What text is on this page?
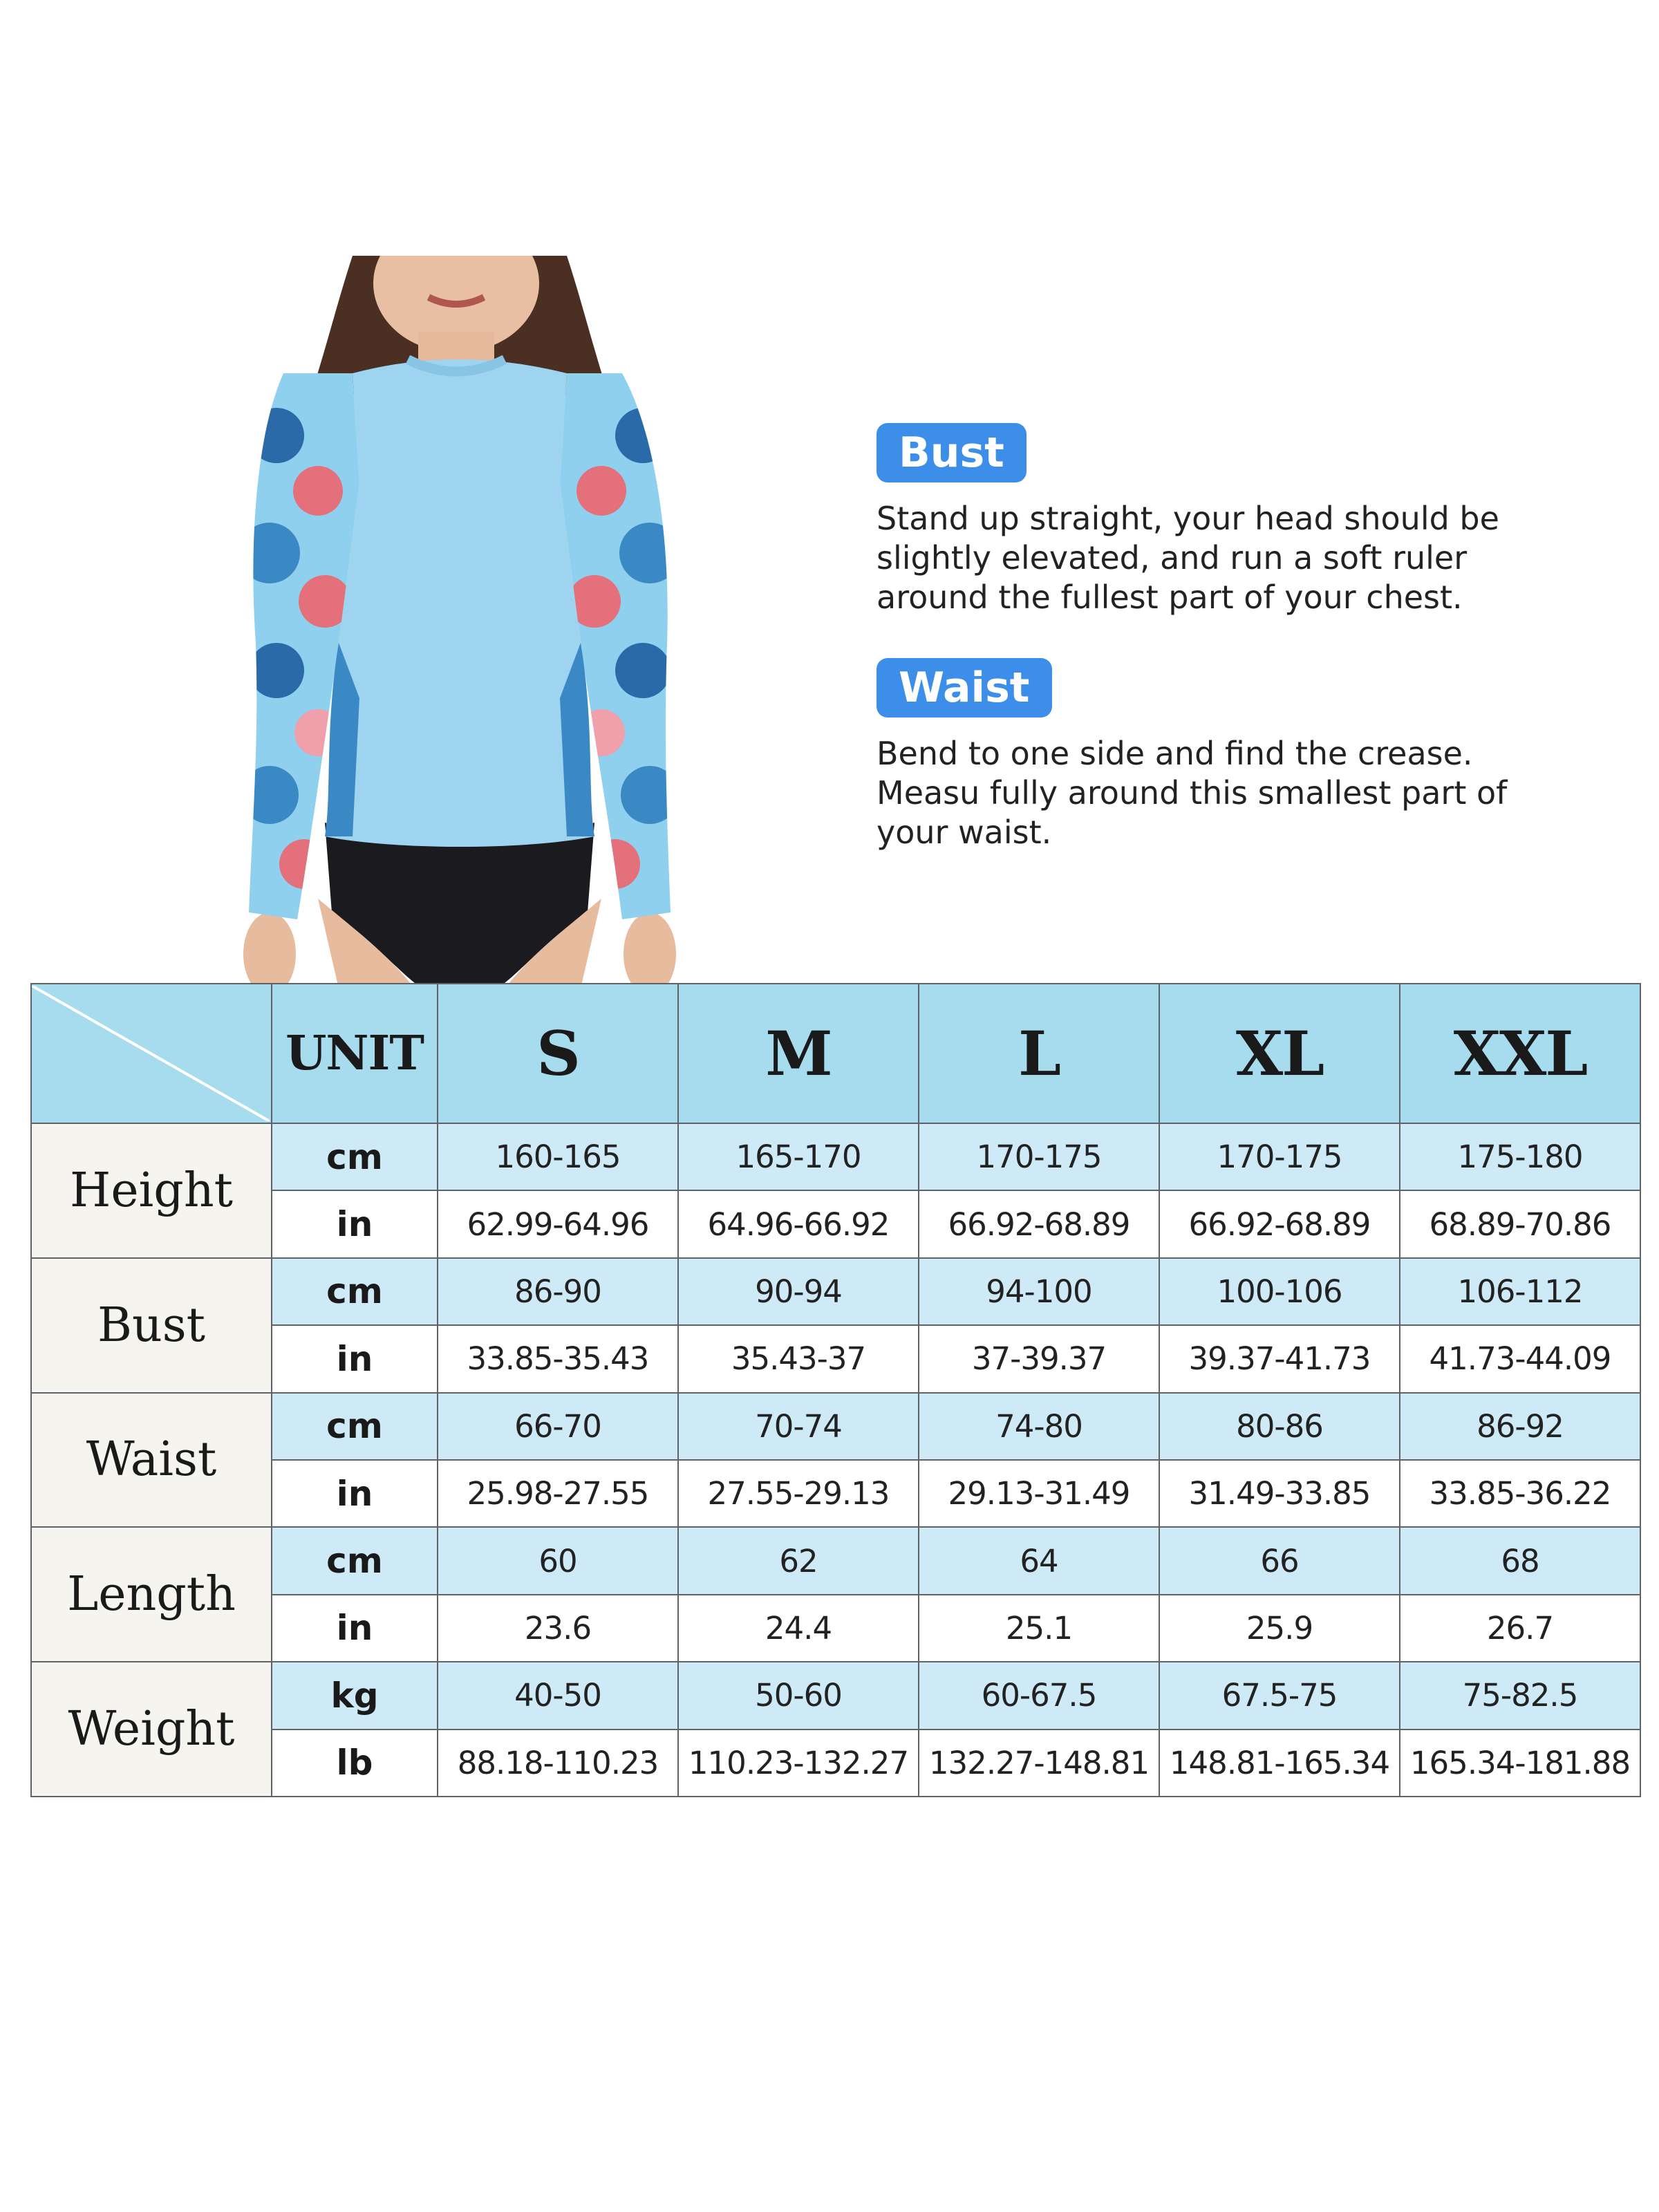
Bust
Stand up straight, your head should be
slightly elevated, and run a soft ruler
around the fullest part of your chest.
Waist
Bend to one side and find the crease.
Measu fully around this smallest part of
your waist.
	UNIT	S	M	L	XL	XXL
Height	cm	160-165	165-170	170-175	170-175	175-180
	in	62.99-64.96	64.96-66.92	66.92-68.89	66.92-68.89	68.89-70.86
Bust	cm	86-90	90-94	94-100	100-106	106-112
	in	33.85-35.43	35.43-37	37-39.37	39.37-41.73	41.73-44.09
Waist	cm	66-70	70-74	74-80	80-86	86-92
	in	25.98-27.55	27.55-29.13	29.13-31.49	31.49-33.85	33.85-36.22
Length	cm	60	62	64	66	68
	in	23.6	24.4	25.1	25.9	26.7
Weight	kg	40-50	50-60	60-67.5	67.5-75	75-82.5
	lb	88.18-110.23	110.23-132.27	132.27-148.81	148.81-165.34	165.34-181.88
